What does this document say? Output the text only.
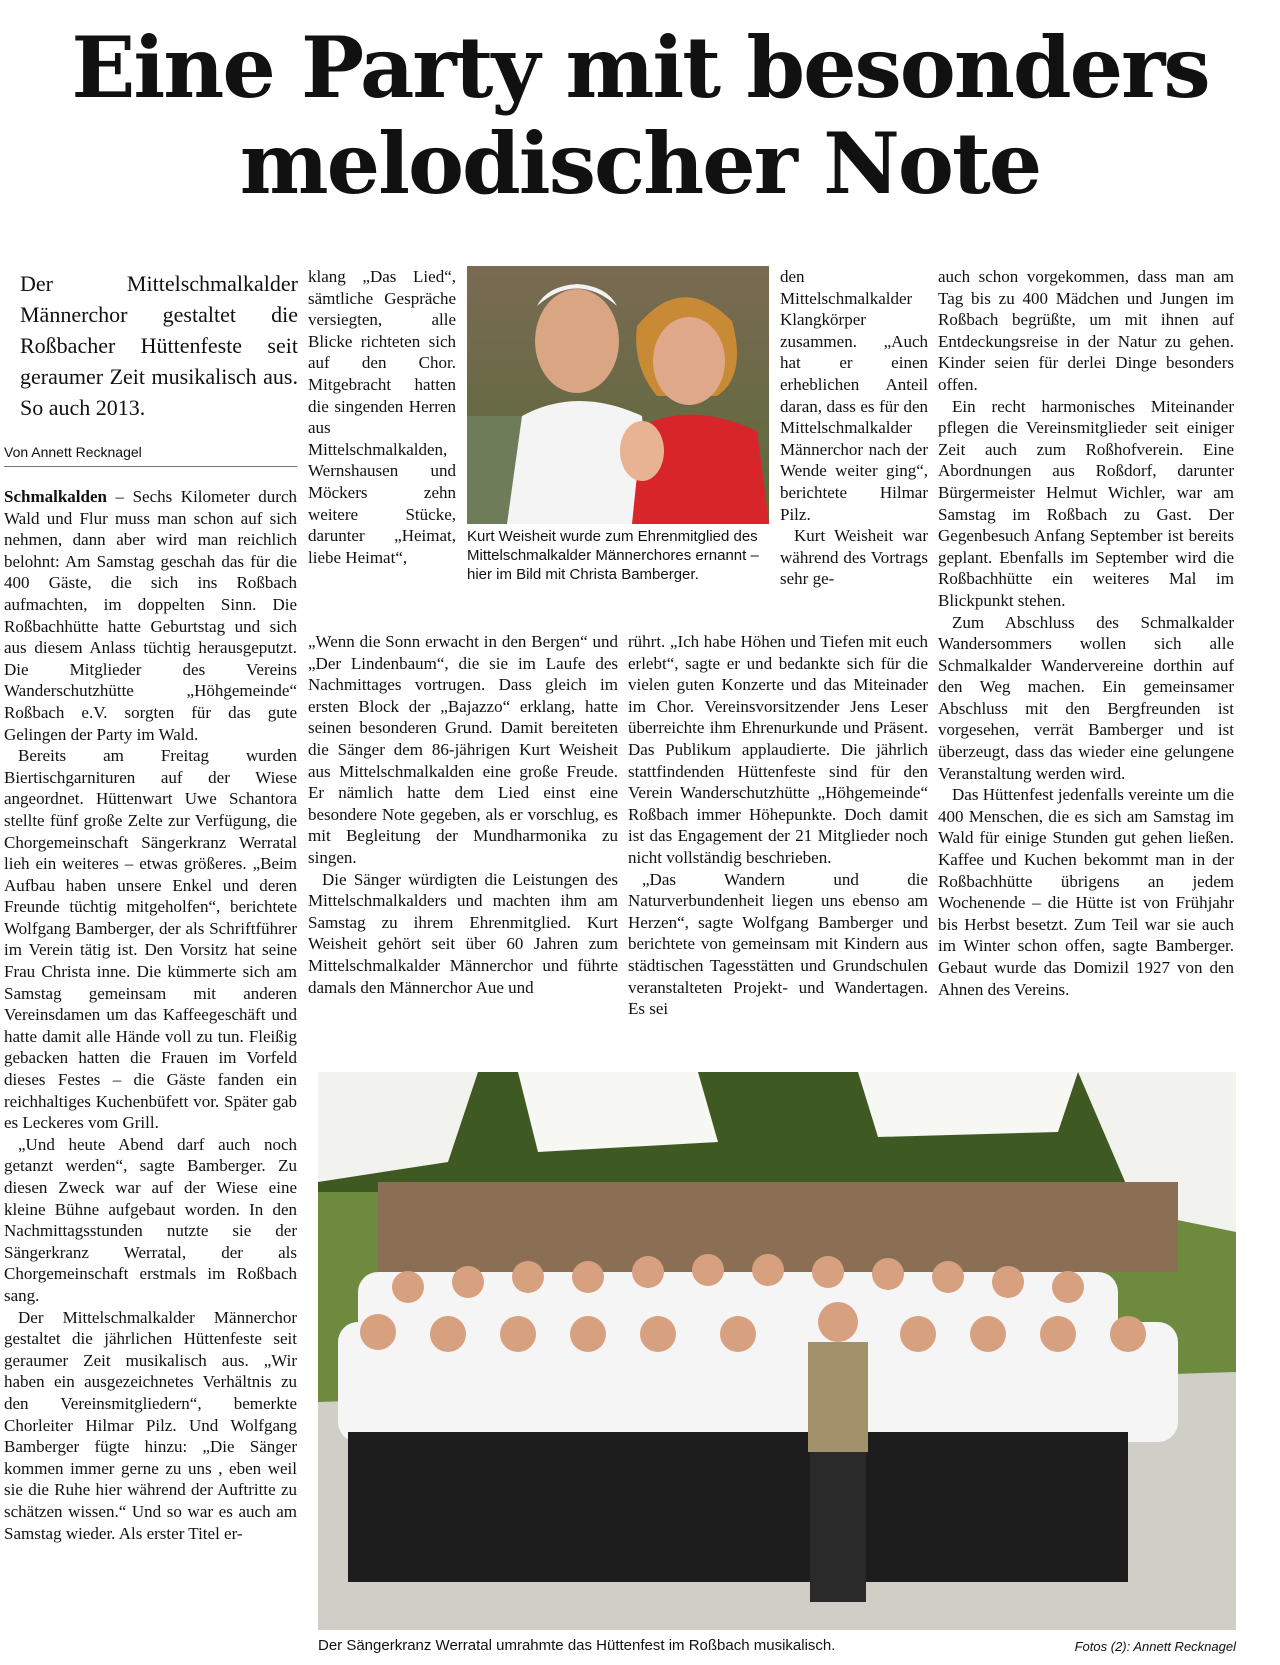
Eine Party mit besonders
melodischer Note
Der Mittelschmalkalder Männerchor gestaltet die Roßbacher Hüttenfeste seit geraumer Zeit musikalisch aus. So auch 2013.
Von Annett Recknagel

Schmalkalden – Sechs Kilometer durch Wald und Flur muss man schon auf sich nehmen, dann aber wird man reichlich belohnt: Am Samstag geschah das für die 400 Gäste, die sich ins Roßbach aufmachten, im doppelten Sinn. Die Roßbachhütte hatte Geburtstag und sich aus diesem Anlass tüchtig herausgeputzt. Die Mitglieder des Vereins Wanderschutzhütte „Höhgemeinde“ Roßbach e.V. sorgten für das gute Gelingen der Party im Wald.

Bereits am Freitag wurden Biertischgarnituren auf der Wiese angeordnet. Hüttenwart Uwe Schantora stellte fünf große Zelte zur Verfügung, die Chorgemeinschaft Sängerkranz Werratal lieh ein weiteres – etwas größeres. „Beim Aufbau haben unsere Enkel und deren Freunde tüchtig mitgeholfen“, berichtete Wolfgang Bamberger, der als Schriftführer im Verein tätig ist. Den Vorsitz hat seine Frau Christa inne. Die kümmerte sich am Samstag gemeinsam mit anderen Vereinsdamen um das Kaffeegeschäft und hatte damit alle Hände voll zu tun. Fleißig gebacken hatten die Frauen im Vorfeld dieses Festes – die Gäste fanden ein reichhaltiges Kuchenbüfett vor. Später gab es Leckeres vom Grill.

„Und heute Abend darf auch noch getanzt werden“, sagte Bamberger. Zu diesen Zweck war auf der Wiese eine kleine Bühne aufgebaut worden. In den Nachmittagsstunden nutzte sie der Sängerkranz Werratal, der als Chorgemeinschaft erstmals im Roßbach sang.

Der Mittelschmalkalder Männerchor gestaltet die jährlichen Hüttenfeste seit geraumer Zeit musikalisch aus. „Wir haben ein ausgezeichnetes Verhältnis zu den Vereinsmitgliedern“, bemerkte Chorleiter Hilmar Pilz. Und Wolfgang Bamberger fügte hinzu: „Die Sänger kommen immer gerne zu uns , eben weil sie die Ruhe hier während der Auftritte zu schätzen wissen.“ Und so war es auch am Samstag wieder. Als erster Titel er-

klang „Das Lied“, sämtliche Gespräche versiegten, alle Blicke richteten sich auf den Chor. Mitgebracht hatten die singenden Herren aus Mittelschmalkalden, Wernshausen und Möckers zehn weitere Stücke, darunter „Heimat, liebe Heimat“,

Kurt Weisheit wurde zum Ehrenmitglied des Mittelschmalkalder Männerchores ernannt – hier im Bild mit Christa Bamberger.

den Mittelschmalkalder Klangkörper zusammen. „Auch hat er einen erheblichen Anteil daran, dass es für den Mittelschmalkalder Männerchor nach der Wende weiter ging“, berichtete Hilmar Pilz.

Kurt Weisheit war während des Vortrags sehr ge-

„Wenn die Sonn erwacht in den Bergen“ und „Der Lindenbaum“, die sie im Laufe des Nachmittages vortrugen. Dass gleich im ersten Block der „Bajazzo“ erklang, hatte seinen besonderen Grund. Damit bereiteten die Sänger dem 86-jährigen Kurt Weisheit aus Mittelschmalkalden eine große Freude. Er nämlich hatte dem Lied einst eine besondere Note gegeben, als er vorschlug, es mit Begleitung der Mundharmonika zu singen.

Die Sänger würdigten die Leistungen des Mittelschmalkalders und machten ihm am Samstag zu ihrem Ehrenmitglied. Kurt Weisheit gehört seit über 60 Jahren zum Mittelschmalkalder Männerchor und führte damals den Männerchor Aue und

rührt. „Ich habe Höhen und Tiefen mit euch erlebt“, sagte er und bedankte sich für die vielen guten Konzerte und das Miteinader im Chor. Vereinsvorsitzender Jens Leser überreichte ihm Ehrenurkunde und Präsent. Das Publikum applaudierte. Die jährlich stattfindenden Hüttenfeste sind für den Verein Wanderschutzhütte „Höhgemeinde“ Roßbach immer Höhepunkte. Doch damit ist das Engagement der 21 Mitglieder noch nicht vollständig beschrieben.

„Das Wandern und die Naturverbundenheit liegen uns ebenso am Herzen“, sagte Wolfgang Bamberger und berichtete von gemeinsam mit Kindern aus städtischen Tagesstätten und Grundschulen veranstalteten Projekt- und Wandertagen. Es sei

auch schon vorgekommen, dass man am Tag bis zu 400 Mädchen und Jungen im Roßbach begrüßte, um mit ihnen auf Entdeckungsreise in der Natur zu gehen. Kinder seien für derlei Dinge besonders offen.

Ein recht harmonisches Miteinander pflegen die Vereinsmitglieder seit einiger Zeit auch zum Roßhofverein. Eine Abordnungen aus Roßdorf, darunter Bürgermeister Helmut Wichler, war am Samstag im Roßbach zu Gast. Der Gegenbesuch Anfang September ist bereits geplant. Ebenfalls im September wird die Roßbachhütte ein weiteres Mal im Blickpunkt stehen.

Zum Abschluss des Schmalkalder Wandersommers wollen sich alle Schmalkalder Wandervereine dorthin auf den Weg machen. Ein gemeinsamer Abschluss mit den Bergfreunden ist vorgesehen, verrät Bamberger und ist überzeugt, dass das wieder eine gelungene Veranstaltung werden wird.

Das Hüttenfest jedenfalls vereinte um die 400 Menschen, die es sich am Samstag im Wald für einige Stunden gut gehen ließen. Kaffee und Kuchen bekommt man in der Roßbachhütte übrigens an jedem Wochenende – die Hütte ist von Frühjahr bis Herbst besetzt. Zum Teil war sie auch im Winter schon offen, sagte Bamberger. Gebaut wurde das Domizil 1927 von den Ahnen des Vereins.

Der Sängerkranz Werratal umrahmte das Hüttenfest im Roßbach musikalisch.	Fotos (2): Annett Recknagel
